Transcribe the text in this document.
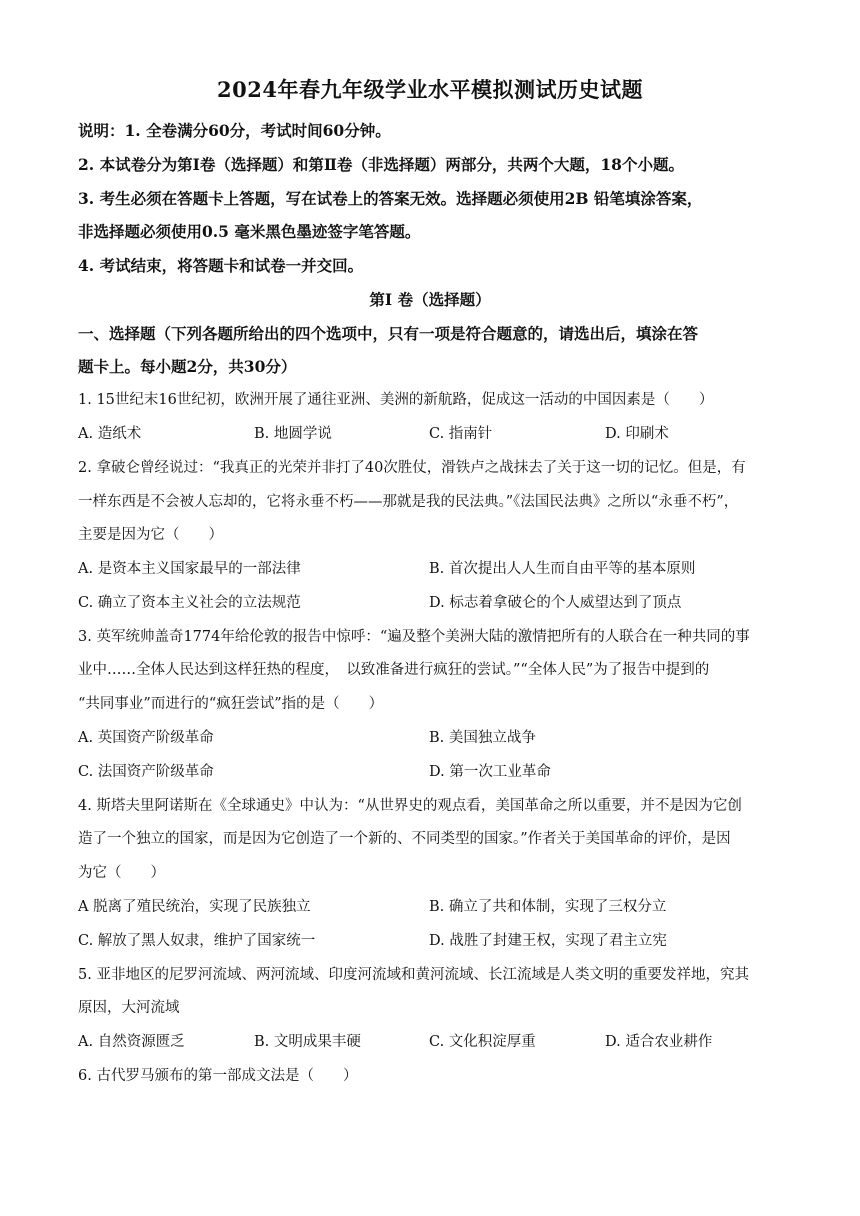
2024年春九年级学业水平模拟测试历史试题
说明：1. 全卷满分60分，考试时间60分钟。
2. 本试卷分为第Ⅰ卷（选择题）和第Ⅱ卷（非选择题）两部分，共两个大题，18个小题。
3. 考生必须在答题卡上答题，写在试卷上的答案无效。选择题必须使用2B 铅笔填涂答案，
非选择题必须使用0.5 毫米黑色墨迹签字笔答题。
4. 考试结束，将答题卡和试卷一并交回。
第Ⅰ 卷（选择题）
一、选择题（下列各题所给出的四个选项中，只有一项是符合题意的，请选出后，填涂在答
题卡上。每小题2分，共30分）
1. 15世纪末16世纪初，欧洲开展了通往亚洲、美洲的新航路，促成这一活动的中国因素是（　　）
A. 造纸术	B. 地圆学说	C. 指南针	D. 印刷术
2. 拿破仑曾经说过：“我真正的光荣并非打了40次胜仗，滑铁卢之战抹去了关于这一切的记忆。但是，有
一样东西是不会被人忘却的，它将永垂不朽——那就是我的民法典。”《法国民法典》之所以“永垂不朽”，
主要是因为它（　　）
A. 是资本主义国家最早的一部法律	B. 首次提出人人生而自由平等的基本原则
C. 确立了资本主义社会的立法规范	D. 标志着拿破仑的个人威望达到了顶点
3. 英军统帅盖奇1774年给伦敦的报告中惊呼：“遍及整个美洲大陆的激情把所有的人联合在一种共同的事
业中……全体人民达到这样狂热的程度，　以致准备进行疯狂的尝试。”“全体人民”为了报告中提到的
“共同事业”而进行的“疯狂尝试”指的是（　　）
A. 英国资产阶级革命	B. 美国独立战争
C. 法国资产阶级革命	D. 第一次工业革命
4. 斯塔夫里阿诺斯在《全球通史》中认为：“从世界史的观点看，美国革命之所以重要，并不是因为它创
造了一个独立的国家，而是因为它创造了一个新的、不同类型的国家。”作者关于美国革命的评价，是因
为它（　　）
A 脱离了殖民统治，实现了民族独立	B. 确立了共和体制，实现了三权分立
C. 解放了黑人奴隶，维护了国家统一	D. 战胜了封建王权，实现了君主立宪
5. 亚非地区的尼罗河流域、两河流域、印度河流域和黄河流域、长江流域是人类文明的重要发祥地，究其
原因，大河流域
A. 自然资源匮乏	B. 文明成果丰硬	C. 文化积淀厚重	D. 适合农业耕作
6. 古代罗马颁布的第一部成文法是（　　）
